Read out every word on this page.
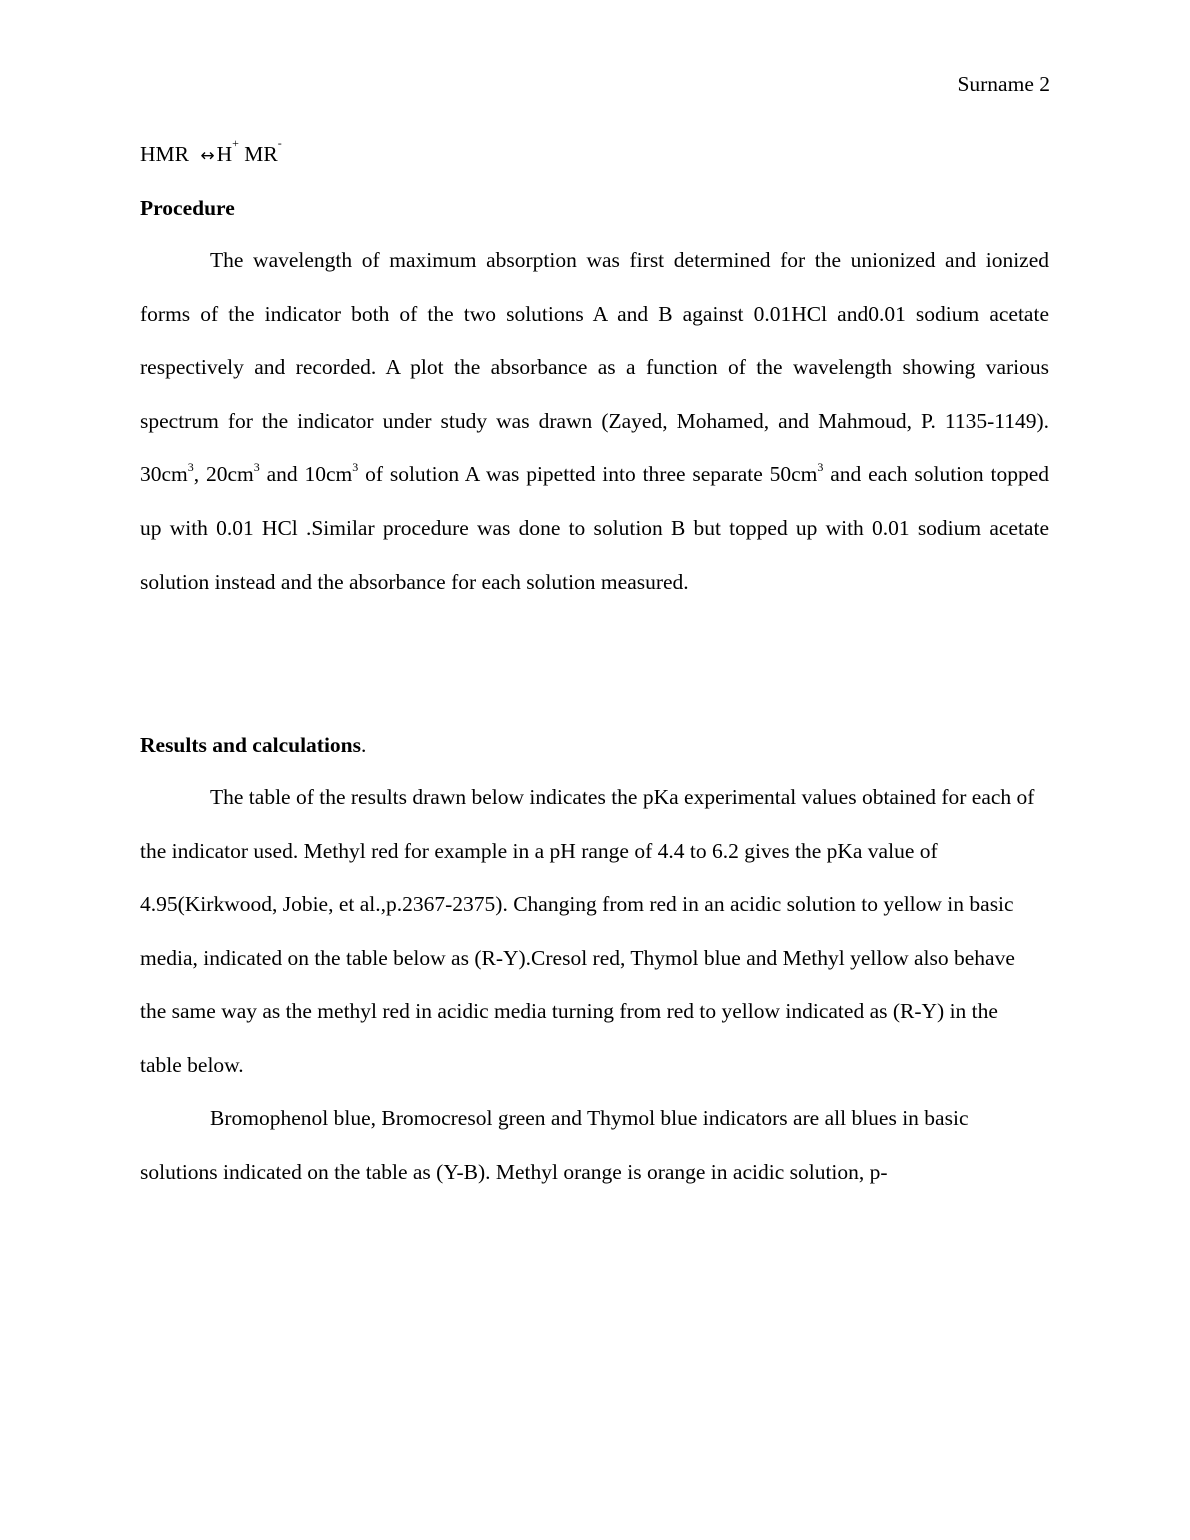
Surname 2
HMR ↔H+ MR-
Procedure

The wavelength of maximum absorption was first determined for the unionized and ionized forms of the indicator both of the two solutions A and B against 0.01HCl and0.01 sodium acetate respectively and recorded. A plot the absorbance as a function of the wavelength showing various spectrum for the indicator under study was drawn (Zayed, Mohamed, and Mahmoud, P. 1135-1149). $30cm^3$, $20cm^3$ and $10cm^3$ of solution A was pipetted into three separate $50cm^3$ and each solution topped up with 0.01 HCl .Similar procedure was done to solution B but topped up with 0.01 sodium acetate solution instead and the absorbance for each solution measured.

Results and calculations.

The table of the results drawn below indicates the pKa experimental values obtained for each of the indicator used. Methyl red for example in a pH range of 4.4 to 6.2 gives the pKa value of 4.95(Kirkwood, Jobie, et al.,p.2367-2375). Changing from red in an acidic solution to yellow in basic media, indicated on the table below as (R-Y).Cresol red, Thymol blue and Methyl yellow also behave the same way as the methyl red in acidic media turning from red to yellow indicated as (R-Y) in the table below.

Bromophenol blue, Bromocresol green and Thymol blue indicators are all blues in basic solutions indicated on the table as (Y-B). Methyl orange is orange in acidic solution, p-
